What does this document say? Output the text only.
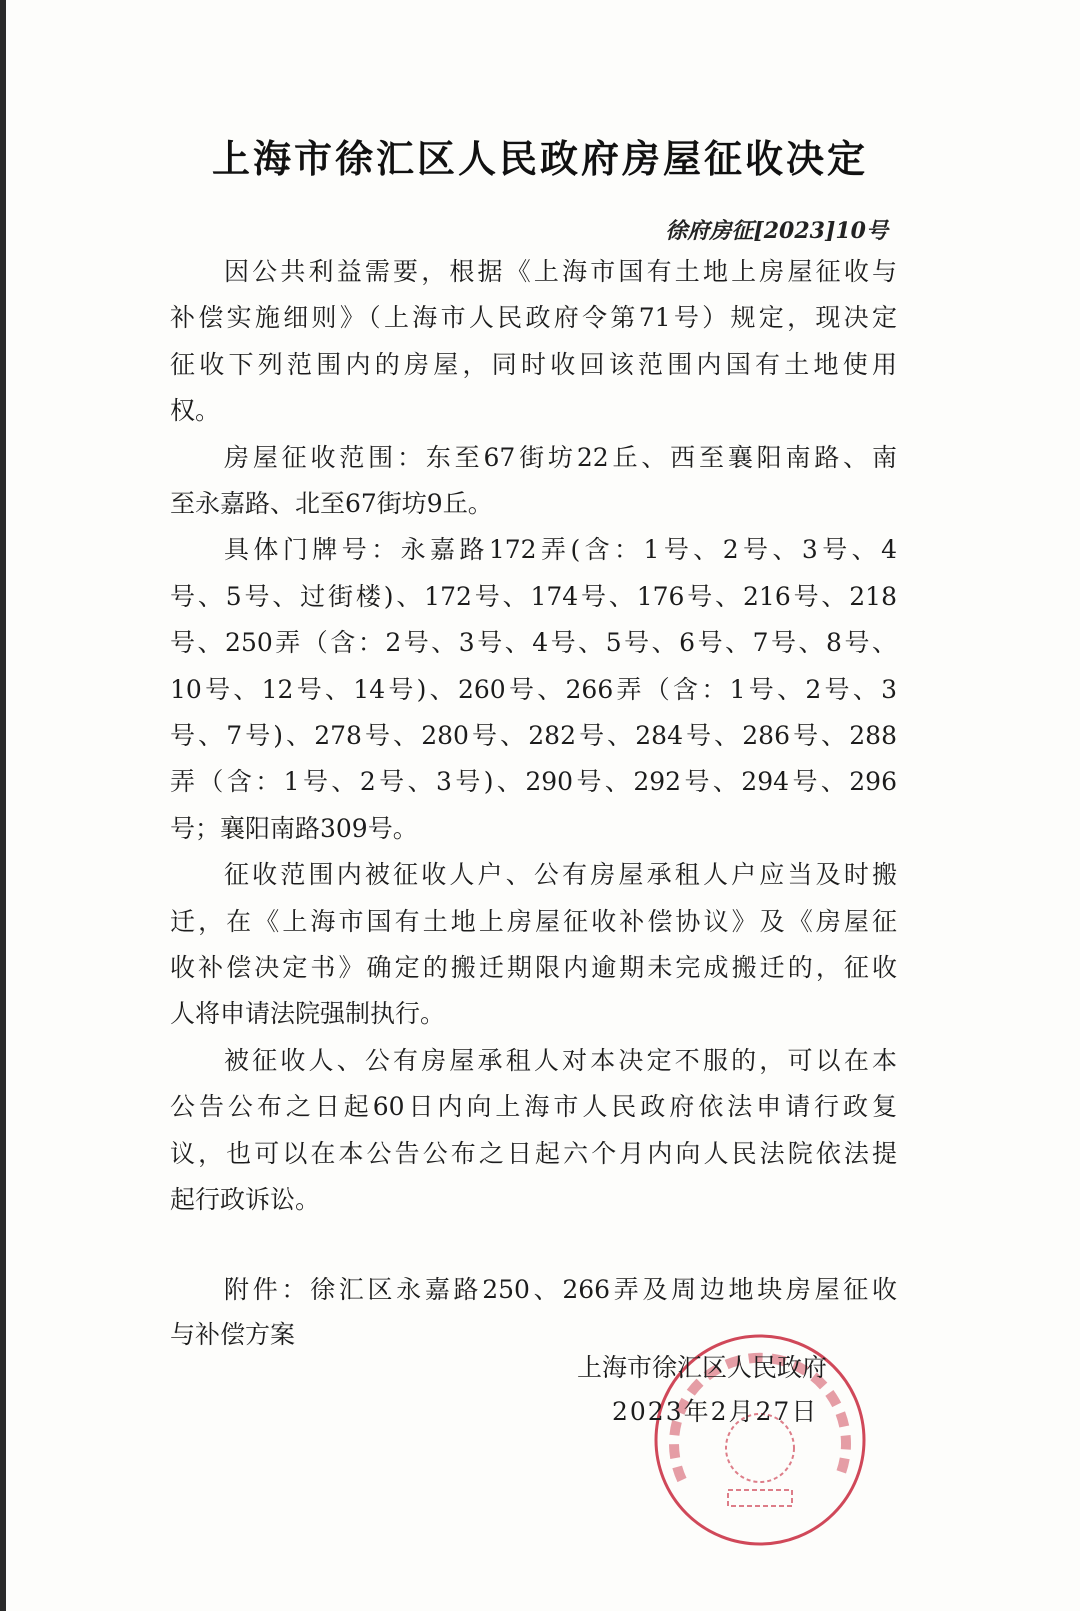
上海市徐汇区人民政府房屋征收决定
徐府房征[2023]10号
因公共利益需要，根据《上海市国有土地上房屋征收与
补偿实施细则》（上海市人民政府令第71号）规定，现决定
征收下列范围内的房屋，同时收回该范围内国有土地使用
权。
房屋征收范围：东至67街坊22丘、西至襄阳南路、南
至永嘉路、北至67街坊9丘。
具体门牌号：永嘉路172弄(含：1号、2号、3号、4
号、5号、过街楼)、172号、174号、176号、216号、218
号、250弄（含：2号、3号、4号、5号、6号、7号、8号、
10号、12号、14号)、260号、266弄（含：1号、2号、3
号、7号)、278号、280号、282号、284号、286号、288
弄（含：1号、2号、3号)、290号、292号、294号、296
号；襄阳南路309号。
征收范围内被征收人户、公有房屋承租人户应当及时搬
迁，在《上海市国有土地上房屋征收补偿协议》及《房屋征
收补偿决定书》确定的搬迁期限内逾期未完成搬迁的，征收
人将申请法院强制执行。
被征收人、公有房屋承租人对本决定不服的，可以在本
公告公布之日起60日内向上海市人民政府依法申请行政复
议，也可以在本公告公布之日起六个月内向人民法院依法提
起行政诉讼。
附件：徐汇区永嘉路250、266弄及周边地块房屋征收
与补偿方案
上海市徐汇区人民政府
2023年2月27日
